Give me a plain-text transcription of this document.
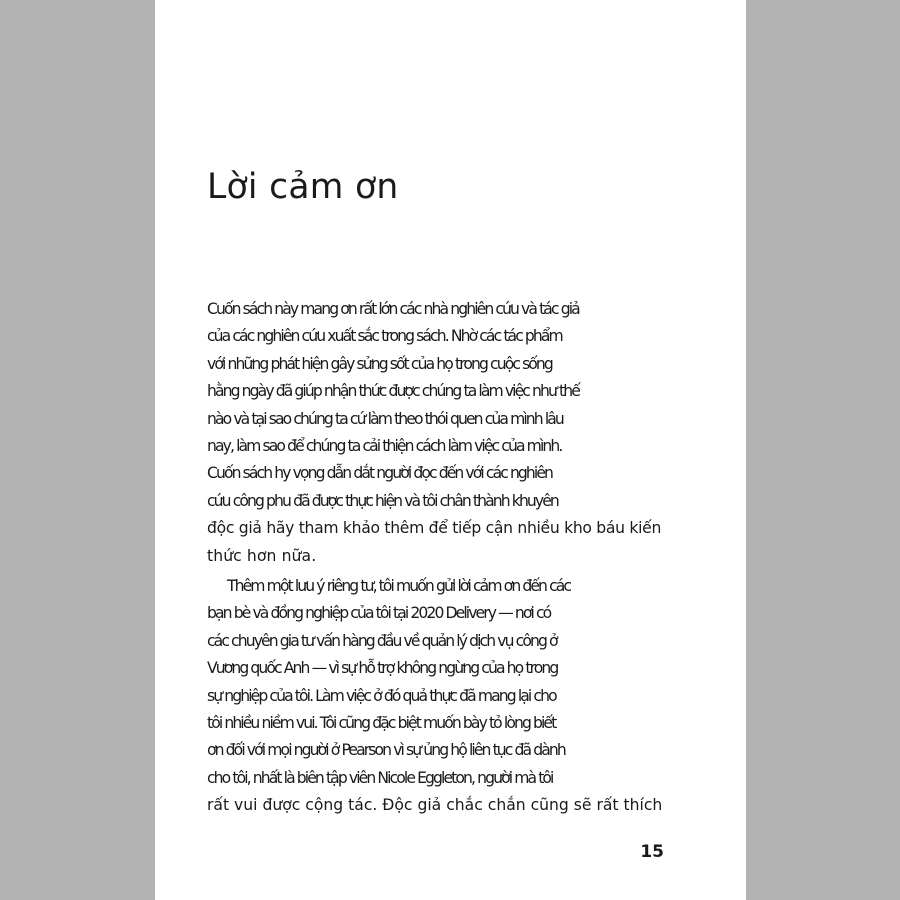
Lời cảm ơn

Cuốn sách này mang ơn rất lớn các nhà nghiên cứu và tác giả
của các nghiên cứu xuất sắc trong sách. Nhờ các tác phẩm
với những phát hiện gây sửng sốt của họ trong cuộc sống
hằng ngày đã giúp nhận thức được chúng ta làm việc như thế
nào và tại sao chúng ta cứ làm theo thói quen của mình lâu
nay, làm sao để chúng ta cải thiện cách làm việc của mình.
Cuốn sách hy vọng dẫn dắt người đọc đến với các nghiên
cứu công phu đã được thực hiện và tôi chân thành khuyên
độc giả hãy tham khảo thêm để tiếp cận nhiều kho báu kiến
thức hơn nữa.

Thêm một lưu ý riêng tư, tôi muốn gửi lời cảm ơn đến các
bạn bè và đồng nghiệp của tôi tại 2020 Delivery — nơi có
các chuyên gia tư vấn hàng đầu về quản lý dịch vụ công ở
Vương quốc Anh — vì sự hỗ trợ không ngừng của họ trong
sự nghiệp của tôi. Làm việc ở đó quả thực đã mang lại cho
tôi nhiều niềm vui. Tôi cũng đặc biệt muốn bày tỏ lòng biết
ơn đối với mọi người ở Pearson vì sự ủng hộ liên tục đã dành
cho tôi, nhất là biên tập viên Nicole Eggleton, người mà tôi
rất vui được cộng tác. Độc giả chắc chắn cũng sẽ rất thích

15
